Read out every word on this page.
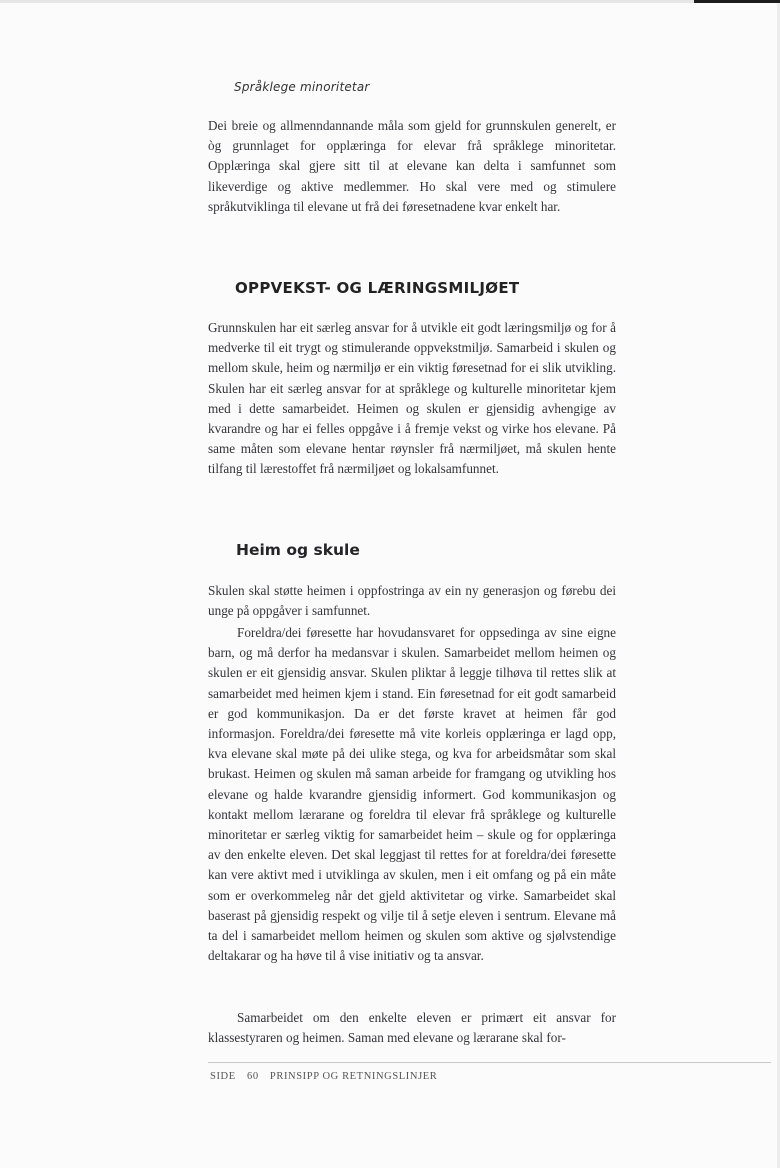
Språklege minoritetar

Dei breie og allmenndannande måla som gjeld for grunnskulen generelt, er òg grunnlaget for opplæringa for elevar frå språklege minoritetar. Opplæringa skal gjere sitt til at elevane kan delta i samfunnet som likeverdige og aktive medlemmer. Ho skal vere med og stimulere språkutviklinga til elevane ut frå dei føresetnadene kvar enkelt har.

OPPVEKST- OG LÆRINGSMILJØET

Grunnskulen har eit særleg ansvar for å utvikle eit godt læringsmiljø og for å medverke til eit trygt og stimulerande oppvekstmiljø. Samarbeid i skulen og mellom skule, heim og nærmiljø er ein viktig føresetnad for ei slik utvikling. Skulen har eit særleg ansvar for at språklege og kulturelle minoritetar kjem med i dette samarbeidet. Heimen og skulen er gjensidig avhengige av kvarandre og har ei felles oppgåve i å fremje vekst og virke hos elevane. På same måten som elevane hentar røynsler frå nærmiljøet, må skulen hente tilfang til lærestoffet frå nærmiljøet og lokalsamfunnet.

Heim og skule

Skulen skal støtte heimen i oppfostringa av ein ny generasjon og førebu dei unge på oppgåver i samfunnet.

Foreldra/dei føresette har hovudansvaret for oppsedinga av sine eigne barn, og må derfor ha medansvar i skulen. Samarbeidet mellom heimen og skulen er eit gjensidig ansvar. Skulen pliktar å leggje tilhøva til rettes slik at samarbeidet med heimen kjem i stand. Ein føresetnad for eit godt samarbeid er god kommunikasjon. Da er det første kravet at heimen får god informasjon. Foreldra/dei føresette må vite korleis opplæringa er lagd opp, kva elevane skal møte på dei ulike stega, og kva for arbeidsmåtar som skal brukast. Heimen og skulen må saman arbeide for framgang og utvikling hos elevane og halde kvarandre gjensidig informert. God kommunikasjon og kontakt mellom lærarane og foreldra til elevar frå språklege og kulturelle minoritetar er særleg viktig for samarbeidet heim – skule og for opplæringa av den enkelte eleven. Det skal leggjast til rettes for at foreldra/dei føresette kan vere aktivt med i utviklinga av skulen, men i eit omfang og på ein måte som er overkommeleg når det gjeld aktivitetar og virke. Samarbeidet skal baserast på gjensidig respekt og vilje til å setje eleven i sentrum. Elevane må ta del i samarbeidet mellom heimen og skulen som aktive og sjølvstendige deltakarar og ha høve til å vise initiativ og ta ansvar.

Samarbeidet om den enkelte eleven er primært eit ansvar for klassestyraren og heimen. Saman med elevane og lærarane skal for-

SIDE 60 PRINSIPP OG RETNINGSLINJER
